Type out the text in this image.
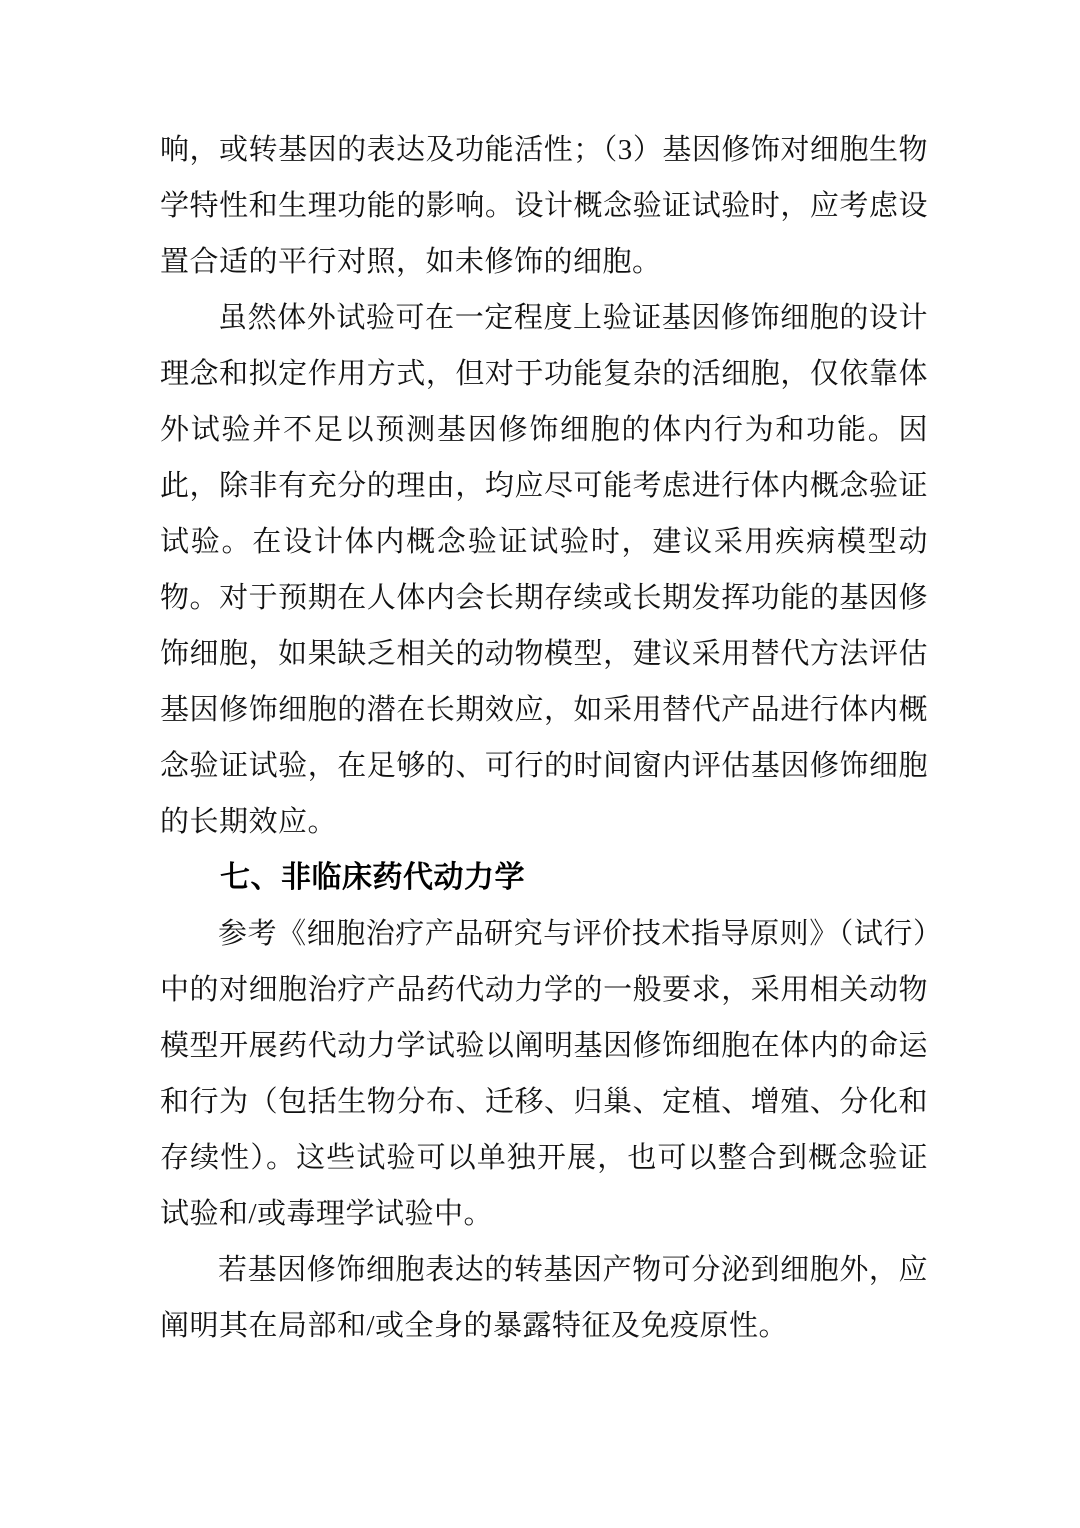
响，或转基因的表达及功能活性；（3）基因修饰对细胞生物学特性和生理功能的影响。设计概念验证试验时，应考虑设置合适的平行对照，如未修饰的细胞。

虽然体外试验可在一定程度上验证基因修饰细胞的设计理念和拟定作用方式，但对于功能复杂的活细胞，仅依靠体外试验并不足以预测基因修饰细胞的体内行为和功能。因此，除非有充分的理由，均应尽可能考虑进行体内概念验证试验。在设计体内概念验证试验时，建议采用疾病模型动物。对于预期在人体内会长期存续或长期发挥功能的基因修饰细胞，如果缺乏相关的动物模型，建议采用替代方法评估基因修饰细胞的潜在长期效应，如采用替代产品进行体内概念验证试验，在足够的、可行的时间窗内评估基因修饰细胞的长期效应。

七、非临床药代动力学

参考《细胞治疗产品研究与评价技术指导原则》（试行）中的对细胞治疗产品药代动力学的一般要求，采用相关动物模型开展药代动力学试验以阐明基因修饰细胞在体内的命运和行为（包括生物分布、迁移、归巢、定植、增殖、分化和存续性）。这些试验可以单独开展，也可以整合到概念验证试验和/或毒理学试验中。

若基因修饰细胞表达的转基因产物可分泌到细胞外，应阐明其在局部和/或全身的暴露特征及免疫原性。
